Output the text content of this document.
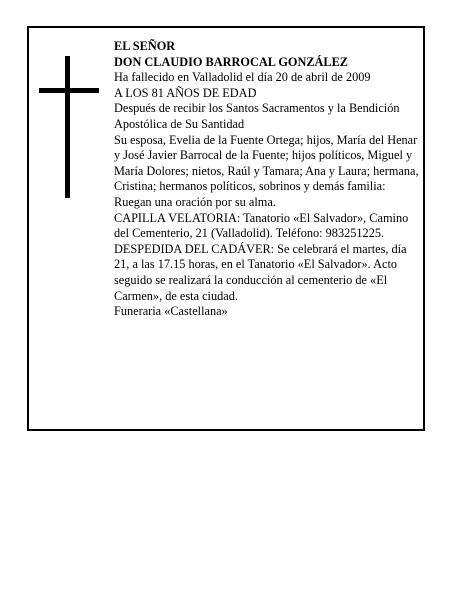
EL SEÑOR

DON CLAUDIO BARROCAL GONZÁLEZ

Ha fallecido en Valladolid el día 20 de abril de 2009

A LOS 81 AÑOS DE EDAD

Después de recibir los Santos Sacramentos y la Bendición Apostólica de Su Santidad

Su esposa, Evelia de la Fuente Ortega; hijos, María del Henar y José Javier Barrocal de la Fuente; hijos políticos, Miguel y María Dolores; nietos, Raúl y Tamara; Ana y Laura; hermana, Cristina; hermanos políticos, sobrinos y demás familia:

Ruegan una oración por su alma.

CAPILLA VELATORIA: Tanatorio «El Salvador», Camino del Cementerio, 21 (Valladolid). Teléfono: 983251225.

DESPEDIDA DEL CADÁVER: Se celebrará el martes, día 21, a las 17.15 horas, en el Tanatorio «El Salvador». Acto seguido se realizará la conducción al cementerio de «El Carmen», de esta ciudad.

Funeraria «Castellana»
